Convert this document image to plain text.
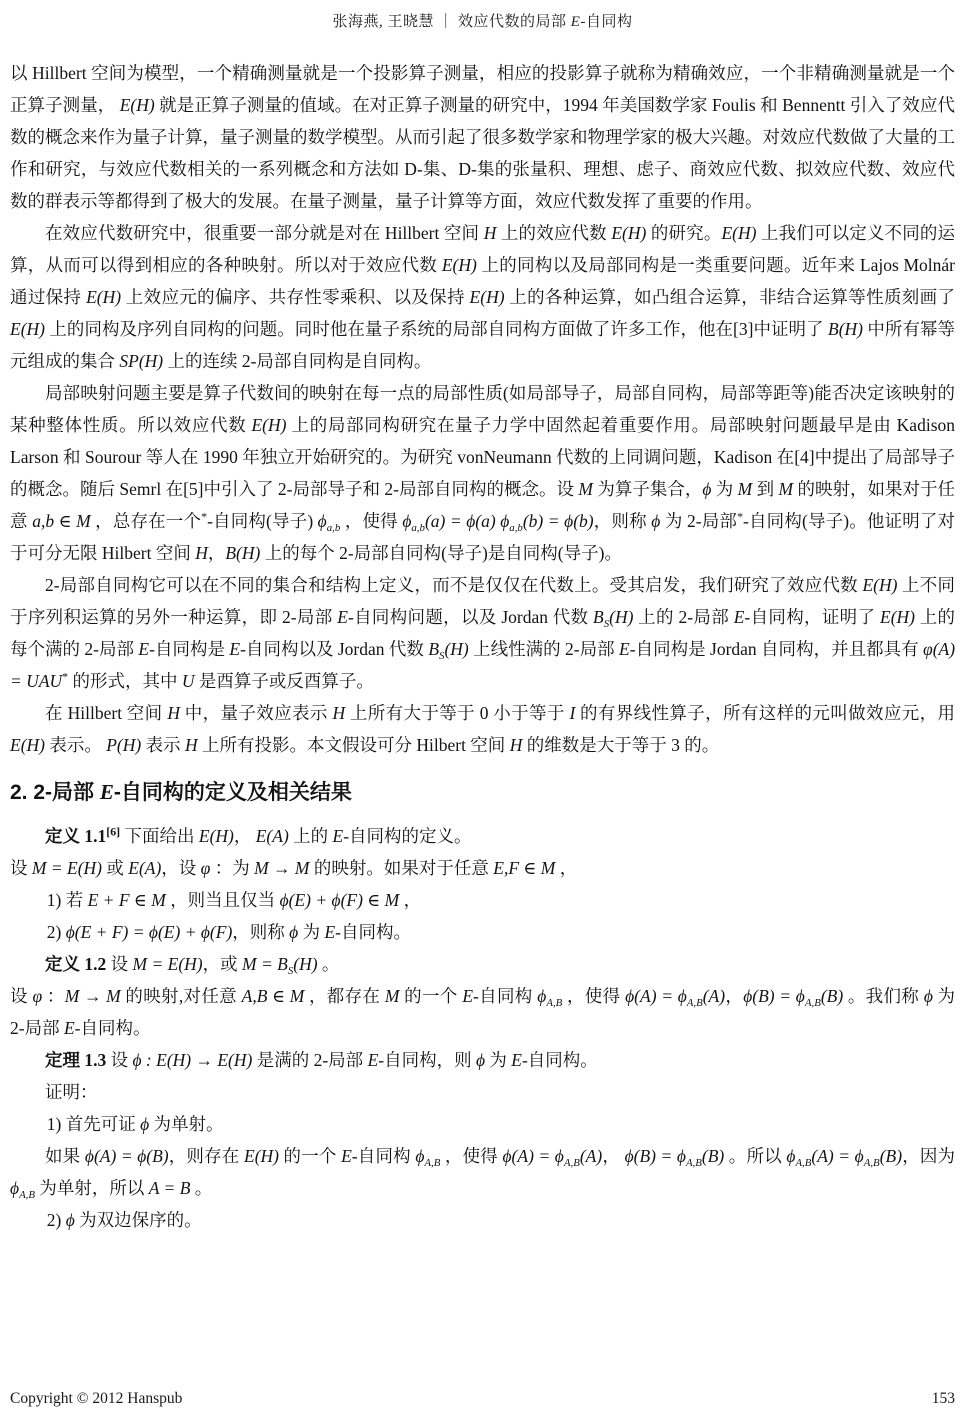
张海燕, 王晓慧 ｜ 效应代数的局部 E-自同构

以 Hillbert 空间为模型，一个精确测量就是一个投影算子测量，相应的投影算子就称为精确效应，一个非精确测量就是一个正算子测量， E(H) 就是正算子测量的值域。在对正算子测量的研究中，1994 年美国数学家 Foulis 和 Bennentt 引入了效应代数的概念来作为量子计算，量子测量的数学模型。从而引起了很多数学家和物理学家的极大兴趣。对效应代数做了大量的工作和研究，与效应代数相关的一系列概念和方法如 D-集、D-集的张量积、理想、虑子、商效应代数、拟效应代数、效应代数的群表示等都得到了极大的发展。在量子测量，量子计算等方面，效应代数发挥了重要的作用。

在效应代数研究中，很重要一部分就是对在 Hillbert 空间 H 上的效应代数 E(H) 的研究。E(H) 上我们可以定义不同的运算，从而可以得到相应的各种映射。所以对于效应代数 E(H) 上的同构以及局部同构是一类重要问题。近年来 Lajos Molnár 通过保持 E(H) 上效应元的偏序、共存性零乘积、以及保持 E(H) 上的各种运算，如凸组合运算，非结合运算等性质刻画了 E(H) 上的同构及序列自同构的问题。同时他在量子系统的局部自同构方面做了许多工作，他在[3]中证明了 B(H) 中所有幂等元组成的集合 SP(H) 上的连续 2-局部自同构是自同构。

局部映射问题主要是算子代数间的映射在每一点的局部性质(如局部导子，局部自同构，局部等距等)能否决定该映射的某种整体性质。所以效应代数 E(H) 上的局部同构研究在量子力学中固然起着重要作用。局部映射问题最早是由 Kadison Larson 和 Sourour 等人在 1990 年独立开始研究的。为研究 vonNeumann 代数的上同调问题，Kadison 在[4]中提出了局部导子的概念。随后 Semrl 在[5]中引入了 2-局部导子和 2-局部自同构的概念。设 M 为算子集合，ϕ 为 M 到 M 的映射，如果对于任意 a,b ∈ M ，总存在一个*-自同构(导子) $\phi_{a,b}$ ，使得 $\phi_{a,b}(a) = \phi(a) \phi_{a,b}(b) = \phi(b)$，则称 ϕ 为 2-局部*-自同构(导子)。他证明了对于可分无限 Hilbert 空间 H，B(H) 上的每个 2-局部自同构(导子)是自同构(导子)。

2-局部自同构它可以在不同的集合和结构上定义，而不是仅仅在代数上。受其启发，我们研究了效应代数 E(H) 上不同于序列积运算的另外一种运算，即 2-局部 E-自同构问题，以及 Jordan 代数 $B_S(H)$ 上的 2-局部 E-自同构，证明了 E(H) 上的每个满的 2-局部 E-自同构是 E-自同构以及 Jordan 代数 $B_S(H)$ 上线性满的 2-局部 E-自同构是 Jordan 自同构，并且都具有 φ(A) = UAU* 的形式，其中 U 是酉算子或反酉算子。

在 Hillbert 空间 H 中，量子效应表示 H 上所有大于等于 0 小于等于 I 的有界线性算子，所有这样的元叫做效应元，用 E(H) 表示。 P(H) 表示 H 上所有投影。本文假设可分 Hilbert 空间 H 的维数是大于等于 3 的。

2. 2-局部 E-自同构的定义及相关结果

定义 1.1[6] 下面给出 E(H)， E(A) 上的 E-自同构的定义。

设 M = E(H) 或 E(A)，设 φ ：为 M → M 的映射。如果对于任意 E,F ∈ M ，

1) 若 E + F ∈ M ，则当且仅当 ϕ(E) + ϕ(F) ∈ M ，

2) ϕ(E + F) = ϕ(E) + ϕ(F)，则称 ϕ 为 E-自同构。

定义 1.2 设 M = E(H)，或 $M = B_S(H)$ 。

设 φ ：M → M 的映射,对任意 A,B ∈ M ，都存在 M 的一个 E-自同构 $\phi_{A,B}$ ，使得 $\phi(A) = \phi_{A,B}(A)$，$\phi(B) = \phi_{A,B}(B)$ 。我们称 ϕ 为 2-局部 E-自同构。

定理 1.3 设 ϕ : E(H) → E(H) 是满的 2-局部 E-自同构，则 ϕ 为 E-自同构。

证明：

1) 首先可证 ϕ 为单射。

如果 ϕ(A) = ϕ(B)，则存在 E(H) 的一个 E-自同构 $\phi_{A,B}$ ，使得 $\phi(A) = \phi_{A,B}(A)$， $\phi(B) = \phi_{A,B}(B)$ 。所以 $\phi_{A,B}(A) = \phi_{A,B}(B)$，因为 $\phi_{A,B}$ 为单射，所以 A = B 。

2) ϕ 为双边保序的。

Copyright © 2012 Hanspub	153
